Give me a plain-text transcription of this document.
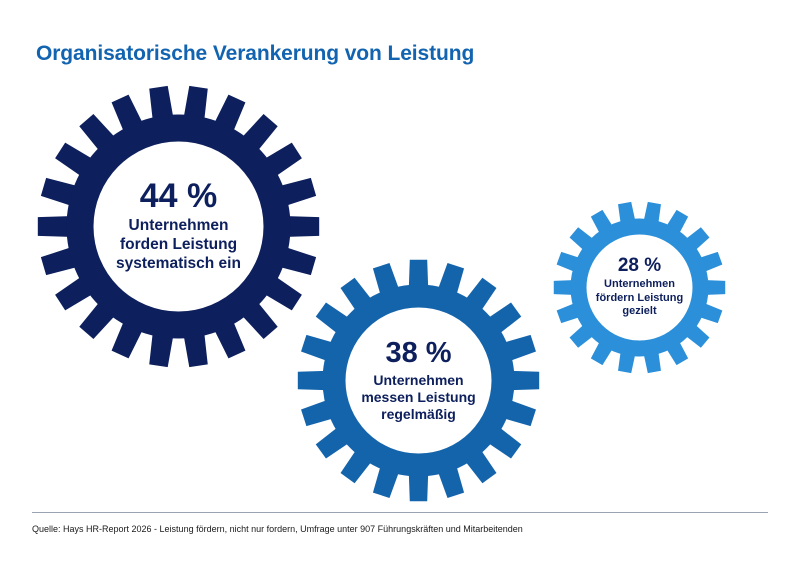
Organisatorische Verankerung von Leistung
44 %
Unternehmen
forden Leistung
systematisch ein
38 %
Unternehmen
messen Leistung
regelmäßig
28 %
Unternehmen
fördern Leistung
gezielt
Quelle: Hays HR-Report 2026 - Leistung fördern, nicht nur fordern, Umfrage unter 907 Führungskräften und Mitarbeitenden
